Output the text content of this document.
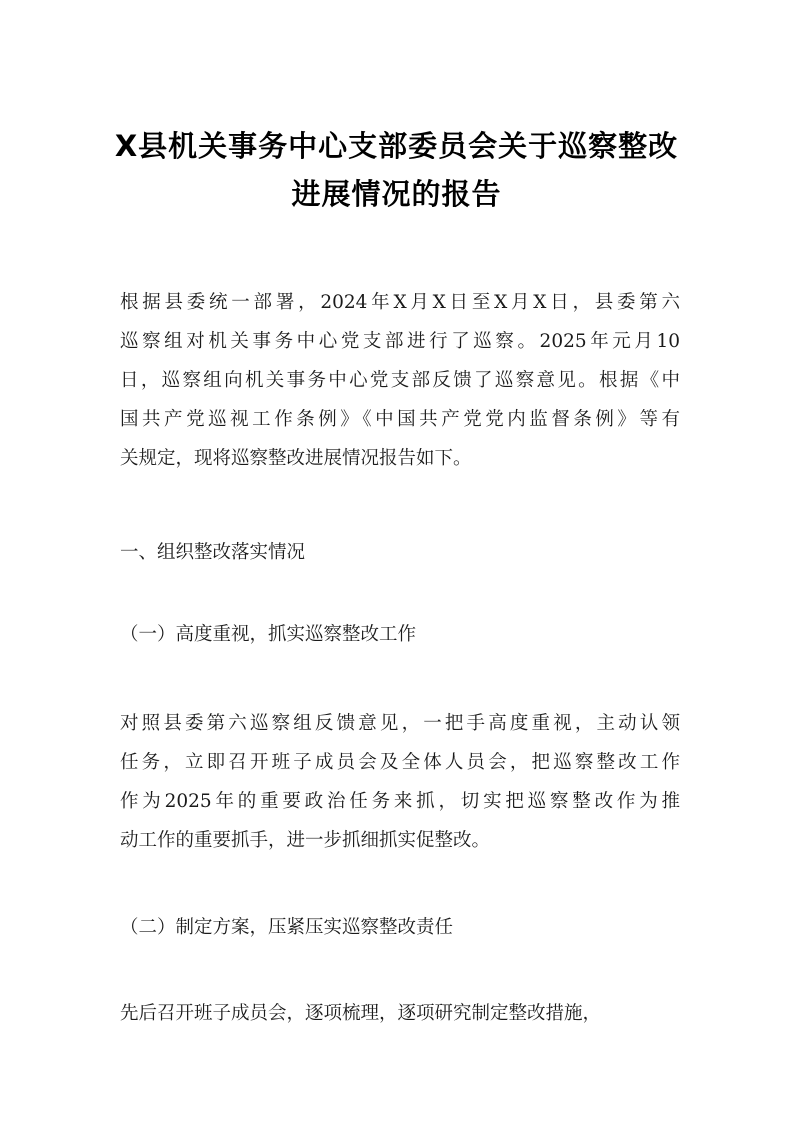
X县机关事务中心支部委员会关于巡察整改
进展情况的报告

根据县委统一部署，2024年X月X日至X月X日，县委第六
巡察组对机关事务中心党支部进行了巡察。2025年元月10
日，巡察组向机关事务中心党支部反馈了巡察意见。根据《中
国共产党巡视工作条例》《中国共产党党内监督条例》等有
关规定，现将巡察整改进展情况报告如下。

一、组织整改落实情况

（一）高度重视，抓实巡察整改工作

对照县委第六巡察组反馈意见，一把手高度重视，主动认领
任务，立即召开班子成员会及全体人员会，把巡察整改工作
作为2025年的重要政治任务来抓，切实把巡察整改作为推
动工作的重要抓手，进一步抓细抓实促整改。

（二）制定方案，压紧压实巡察整改责任

先后召开班子成员会，逐项梳理，逐项研究制定整改措施，
